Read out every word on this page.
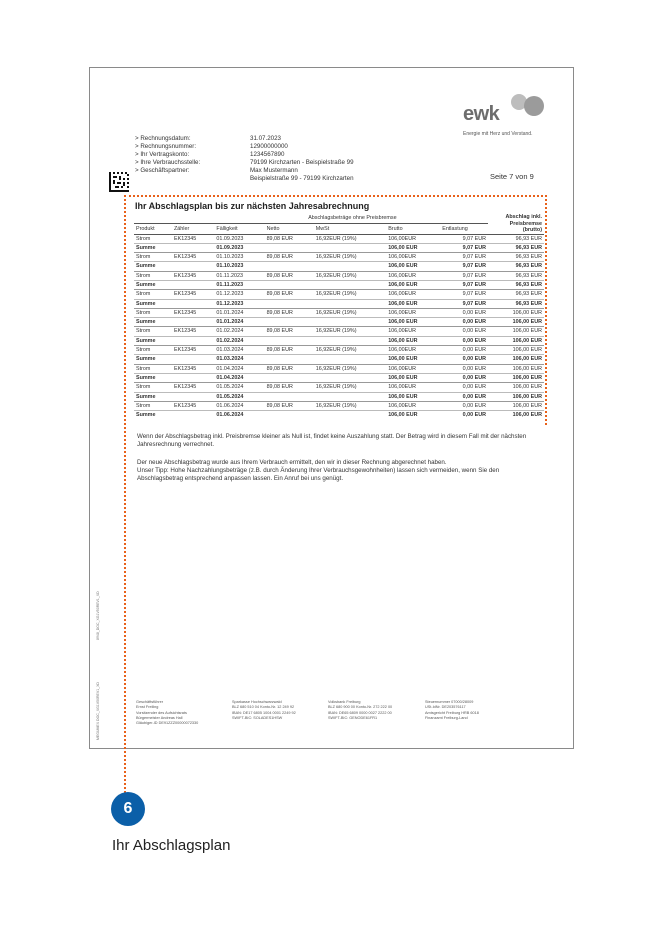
ewk
Energie mit Herz und Verstand.
> Rechnungsdatum:	31.07.2023
> Rechnungsnummer:	12900000000
> Ihr Vertragskonto:	1234567890
> Ihre Verbrauchsstelle:	79199 Kirchzarten - Beispielstraße 99
> Geschäftspartner:	Max Mustermann
Beispielstraße 99 - 79199 Kirchzarten	Seite 7 von 9
Ihr Abschlagsplan bis zur nächsten Jahresabrechnung
			Abschlagsbeträge ohne Preisbremse				Abschlag inkl. Preisbremse (brutto)
Produkt	Zähler	Fälligkeit	Netto	MwSt	Brutto	Entlastung	
Strom	EK12345	01.09.2023	89,08 EUR	16,92EUR (19%)	106,00EUR	9,07 EUR	96,93 EUR
Summe		01.09.2023			106,00 EUR	9,07 EUR	96,93 EUR
Strom	EK12345	01.10.2023	89,08 EUR	16,92EUR (19%)	106,00EUR	9,07 EUR	96,93 EUR
Summe		01.10.2023			106,00 EUR	9,07 EUR	96,93 EUR
Strom	EK12345	01.11.2023	89,08 EUR	16,92EUR (19%)	106,00EUR	9,07 EUR	96,93 EUR
Summe		01.11.2023			106,00 EUR	9,07 EUR	96,93 EUR
Strom	EK12345	01.12.2023	89,08 EUR	16,92EUR (19%)	106,00EUR	9,07 EUR	96,93 EUR
Summe		01.12.2023			106,00 EUR	9,07 EUR	96,93 EUR
Strom	EK12345	01.01.2024	89,08 EUR	16,92EUR (19%)	106,00EUR	0,00 EUR	106,00 EUR
Summe		01.01.2024			106,00 EUR	0,00 EUR	106,00 EUR
Strom	EK12345	01.02.2024	89,08 EUR	16,92EUR (19%)	106,00EUR	0,00 EUR	106,00 EUR
Summe		01.02.2024			106,00 EUR	0,00 EUR	106,00 EUR
Strom	EK12345	01.03.2024	89,08 EUR	16,92EUR (19%)	106,00EUR	0,00 EUR	106,00 EUR
Summe		01.03.2024			106,00 EUR	0,00 EUR	106,00 EUR
Strom	EK12345	01.04.2024	89,08 EUR	16,92EUR (19%)	106,00EUR	0,00 EUR	106,00 EUR
Summe		01.04.2024			106,00 EUR	0,00 EUR	106,00 EUR
Strom	EK12345	01.05.2024	89,08 EUR	16,92EUR (19%)	106,00EUR	0,00 EUR	106,00 EUR
Summe		01.05.2024			106,00 EUR	0,00 EUR	106,00 EUR
Strom	EK12345	01.06.2024	89,08 EUR	16,92EUR (19%)	106,00EUR	0,00 EUR	106,00 EUR
Summe		01.06.2024			106,00 EUR	0,00 EUR	106,00 EUR
Wenn der Abschlagsbetrag inkl. Preisbremse kleiner als Null ist, findet keine Auszahlung statt. Der Betrag wird in diesem Fall mit der nächsten Jahresrechnung verrechnet.
Der neue Abschlagsbetrag wurde aus Ihrem Verbrauch ermittelt, den wir in dieser Rechnung abgerechnet haben.
Unser Tipp: Hohe Nachzahlungsbeträge (z.B. durch Änderung Ihrer Verbrauchsgewohnheiten) lassen sich vermeiden, wenn Sie den Abschlagsbetrag entsprechend anpassen lassen. Ein Anruf bei uns genügt.
8948_DOC_XG1V50REV1_XD
MEGUMEX DOC_XG1V50REV1_XD	Geschäftsführer
Ernst Freiling
Vorsitzender des Aufsichtsrats
Bürgermeister Andreas Hall
Gläubiger-ID DE91ZZZ00000072330
Sparkasse Hochschwarzwald
BLZ 680 510 04 Konto-Nr. 12 249 92
IBAN: DE17 6805 1004 0001 2249 92
SWIFT-BIC: SOLADES1HSW
Volksbank Freiburg
BLZ 680 900 00 Konto-Nr. 272 222 00
IBAN: DE65 6809 0000 0027 2222 00
SWIFT-BIC: GENODE61FR1
Steuernummer 07000/28009
USt-IdNr. DE203576117
Amtsgericht Freiburg HRB 6018
Finanzamt Freiburg-Land
6
Ihr Abschlagsplan
